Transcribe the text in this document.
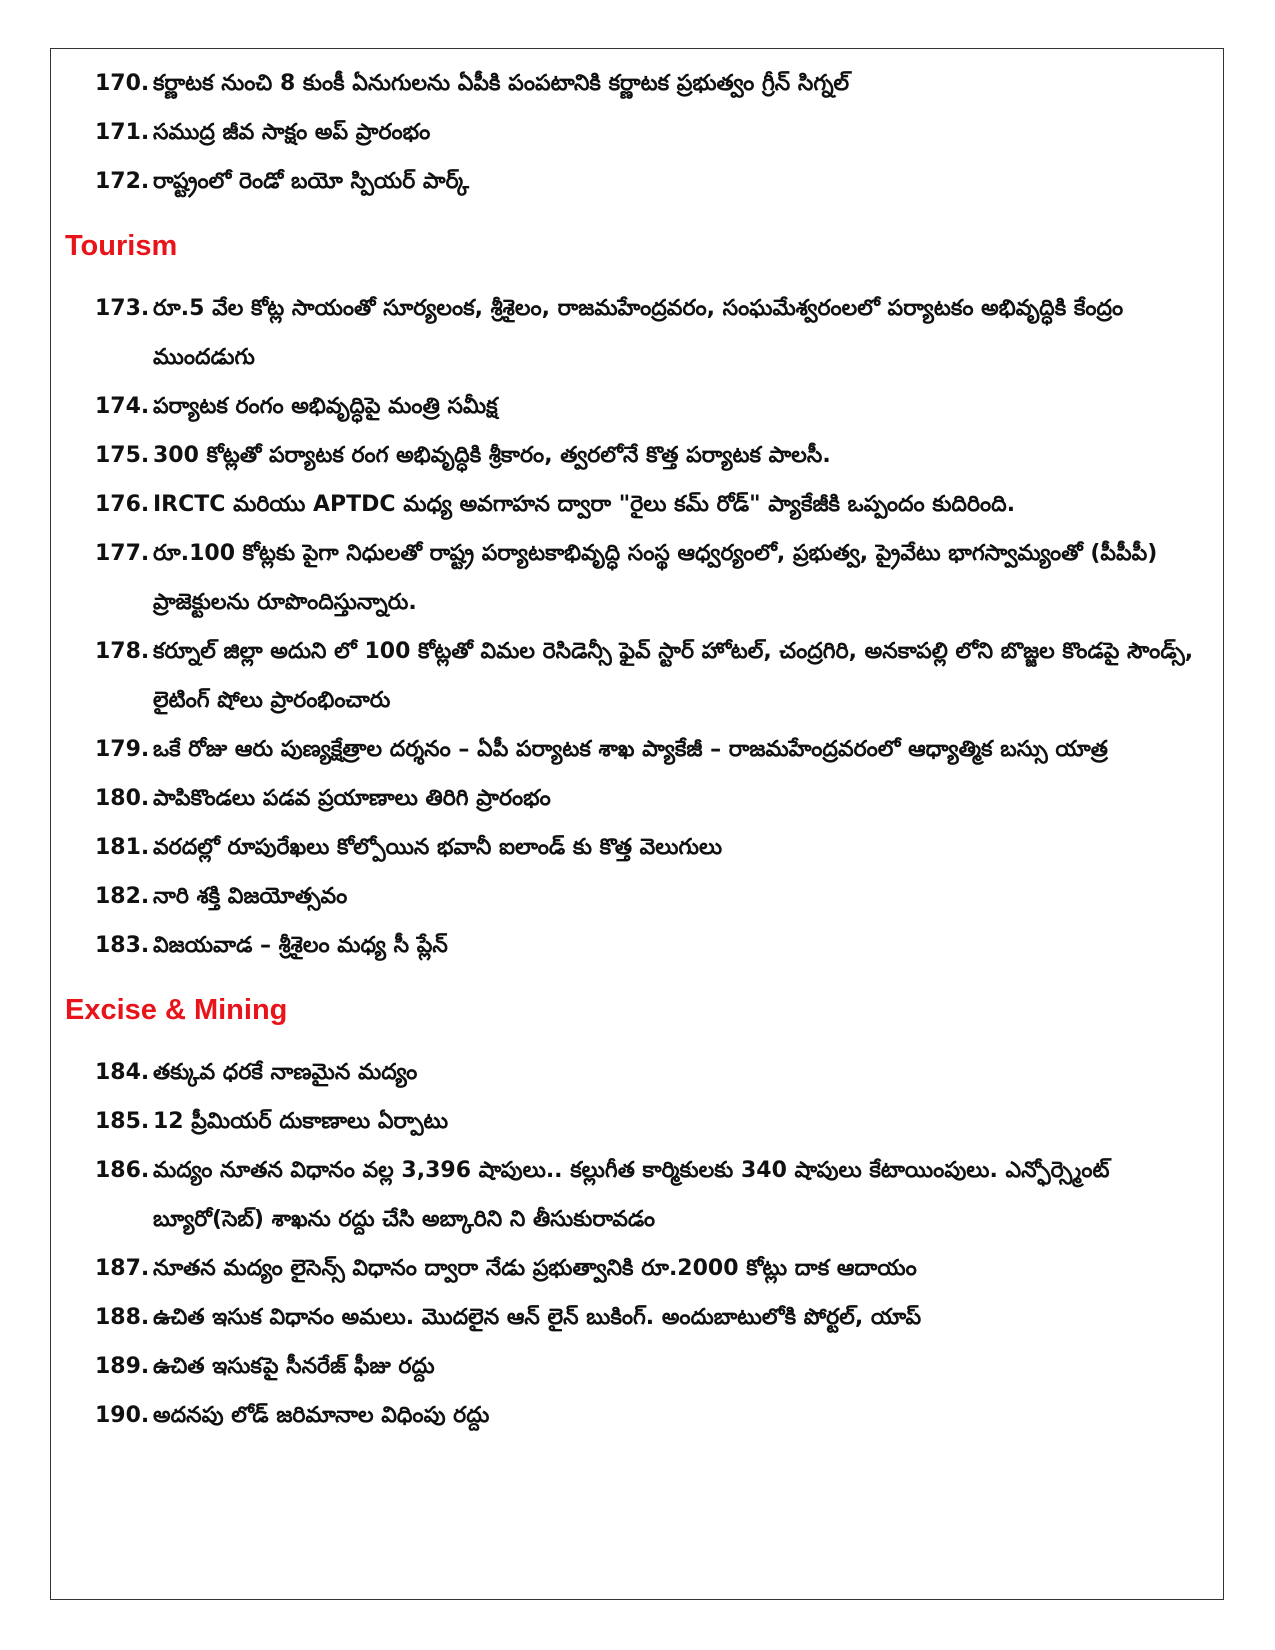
170. కర్ణాటక నుంచి 8 కుంకీ ఏనుగులను ఏపీకి పంపటానికి కర్ణాటక ప్రభుత్వం గ్రీన్ సిగ్నల్
171. సముద్ర జీవ సాక్షం అప్ ప్రారంభం
172. రాష్ట్రంలో రెండో బయో స్పియర్ పార్క్
Tourism
173. రూ.5 వేల కోట్ల సాయంతో సూర్యలంక, శ్రీశైలం, రాజమహేంద్రవరం, సంఘమేశ్వరంలలో పర్యాటకం అభివృద్ధికి కేంద్రం ముందడుగు
174. పర్యాటక రంగం అభివృద్ధిపై మంత్రి సమీక్ష
175. 300 కోట్లతో పర్యాటక రంగ అభివృద్ధికి శ్రీకారం, త్వరలోనే కొత్త పర్యాటక పాలసీ.
176. IRCTC మరియు APTDC మధ్య అవగాహన ద్వారా "రైలు కమ్ రోడ్" ప్యాకేజీకి ఒప్పందం కుదిరింది.
177. రూ.100 కోట్లకు పైగా నిధులతో రాష్ట్ర పర్యాటకాభివృద్ధి సంస్థ ఆధ్వర్యంలో, ప్రభుత్వ, ప్రైవేటు భాగస్వామ్యంతో (పీపీపీ) ప్రాజెక్టులను రూపొందిస్తున్నారు.
178. కర్నూల్ జిల్లా అదుని లో 100 కోట్లతో విమల రెసిడెన్సీ ఫైవ్ స్టార్ హోటల్, చంద్రగిరి, అనకాపల్లి లోని బొజ్జల కొండపై సౌండ్స్, లైటింగ్ షోలు ప్రారంభించారు
179. ఒకే రోజు ఆరు పుణ్యక్షేత్రాల దర్శనం – ఏపీ పర్యాటక శాఖ ప్యాకేజీ – రాజమహేంద్రవరంలో ఆధ్యాత్మిక బస్సు యాత్ర
180. పాపికొండలు పడవ ప్రయాణాలు తిరిగి ప్రారంభం
181. వరదల్లో రూపురేఖలు కోల్పోయిన భవానీ ఐలాండ్ కు కొత్త వెలుగులు
182. నారి శక్తి విజయోత్సవం
183. విజయవాడ – శ్రీశైలం మధ్య సీ ప్లేన్
Excise & Mining
184. తక్కువ ధరకే నాణమైన మద్యం
185. 12 ప్రీమియర్ దుకాణాలు ఏర్పాటు
186. మద్యం నూతన విధానం వల్ల 3,396 షాపులు.. కల్లుగీత కార్మికులకు 340 షాపులు కేటాయింపులు. ఎన్ఫోర్స్మెంట్ బ్యూరో(సెబ్) శాఖను రద్దు చేసి అబ్కారిని ని తీసుకురావడం
187. నూతన మద్యం లైసెన్స్ విధానం ద్వారా నేడు ప్రభుత్వానికి రూ.2000 కోట్లు దాక ఆదాయం
188. ఉచిత ఇసుక విధానం అమలు. మొదలైన ఆన్ లైన్ బుకింగ్. అందుబాటులోకి పోర్టల్, యాప్
189. ఉచిత ఇసుకపై సీనరేజ్ ఫీజు రద్దు
190. అదనపు లోడ్ జరిమానాల విధింపు రద్దు
